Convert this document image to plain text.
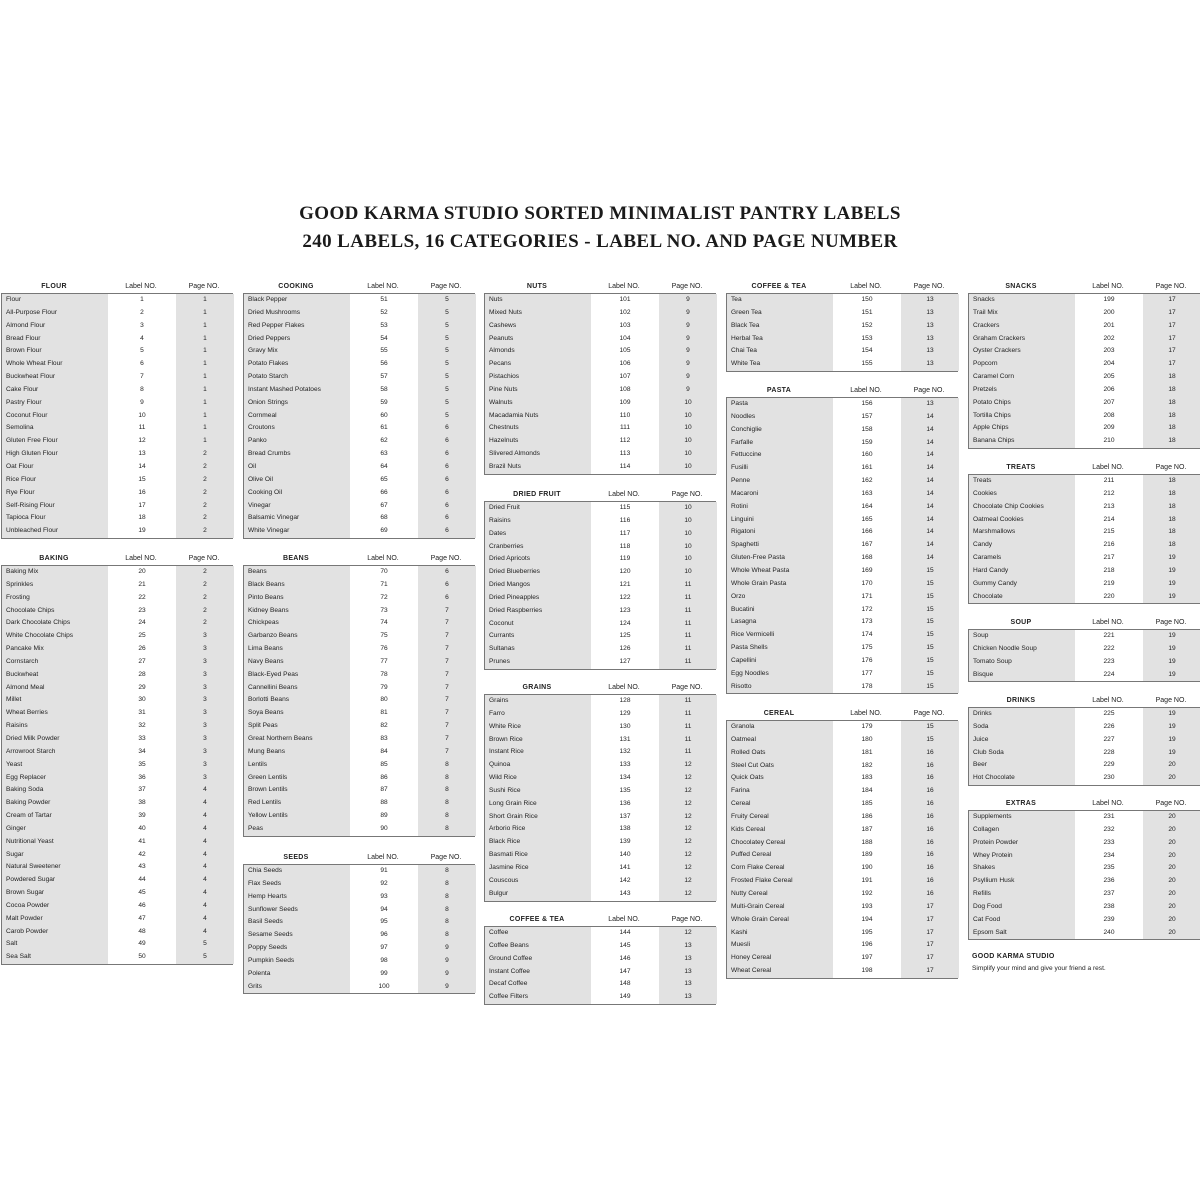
GOOD KARMA STUDIO SORTED MINIMALIST PANTRY LABELS
240 LABELS, 16 CATEGORIES - LABEL NO. AND PAGE NUMBER
FLOUR	Label NO.	Page NO.
Flour	1	1
All-Purpose Flour	2	1
Almond Flour	3	1
Bread Flour	4	1
Brown Flour	5	1
Whole Wheat Flour	6	1
Buckwheat Flour	7	1
Cake Flour	8	1
Pastry Flour	9	1
Coconut Flour	10	1
Semolina	11	1
Gluten Free Flour	12	1
High Gluten Flour	13	2
Oat Flour	14	2
Rice Flour	15	2
Rye Flour	16	2
Self-Rising Flour	17	2
Tapioca Flour	18	2
Unbleached Flour	19	2
BAKING	Label NO.	Page NO.
Baking Mix	20	2
Sprinkles	21	2
Frosting	22	2
Chocolate Chips	23	2
Dark Chocolate Chips	24	2
White Chocolate Chips	25	3
Pancake Mix	26	3
Cornstarch	27	3
Buckwheat	28	3
Almond Meal	29	3
Millet	30	3
Wheat Berries	31	3
Raisins	32	3
Dried Milk Powder	33	3
Arrowroot Starch	34	3
Yeast	35	3
Egg Replacer	36	3
Baking Soda	37	4
Baking Powder	38	4
Cream of Tartar	39	4
Ginger	40	4
Nutritional Yeast	41	4
Sugar	42	4
Natural Sweetener	43	4
Powdered Sugar	44	4
Brown Sugar	45	4
Cocoa Powder	46	4
Malt Powder	47	4
Carob Powder	48	4
Salt	49	5
Sea Salt	50	5
COOKING	Label NO.	Page NO.
Black Pepper	51	5
Dried Mushrooms	52	5
Red Pepper Flakes	53	5
Dried Peppers	54	5
Gravy Mix	55	5
Potato Flakes	56	5
Potato Starch	57	5
Instant Mashed Potatoes	58	5
Onion Strings	59	5
Cornmeal	60	5
Croutons	61	6
Panko	62	6
Bread Crumbs	63	6
Oil	64	6
Olive Oil	65	6
Cooking Oil	66	6
Vinegar	67	6
Balsamic Vinegar	68	6
White Vinegar	69	6
BEANS	Label NO.	Page NO.
Beans	70	6
Black Beans	71	6
Pinto Beans	72	6
Kidney Beans	73	7
Chickpeas	74	7
Garbanzo Beans	75	7
Lima Beans	76	7
Navy Beans	77	7
Black-Eyed Peas	78	7
Cannellini Beans	79	7
Borlotti Beans	80	7
Soya Beans	81	7
Split Peas	82	7
Great Northern Beans	83	7
Mung Beans	84	7
Lentils	85	8
Green Lentils	86	8
Brown Lentils	87	8
Red Lentils	88	8
Yellow Lentils	89	8
Peas	90	8
SEEDS	Label NO.	Page NO.
Chia Seeds	91	8
Flax Seeds	92	8
Hemp Hearts	93	8
Sunflower Seeds	94	8
Basil Seeds	95	8
Sesame Seeds	96	8
Poppy Seeds	97	9
Pumpkin Seeds	98	9
Polenta	99	9
Grits	100	9
NUTS	Label NO.	Page NO.
Nuts	101	9
Mixed Nuts	102	9
Cashews	103	9
Peanuts	104	9
Almonds	105	9
Pecans	106	9
Pistachios	107	9
Pine Nuts	108	9
Walnuts	109	10
Macadamia Nuts	110	10
Chestnuts	111	10
Hazelnuts	112	10
Slivered Almonds	113	10
Brazil Nuts	114	10
DRIED FRUIT	Label NO.	Page NO.
Dried Fruit	115	10
Raisins	116	10
Dates	117	10
Cranberries	118	10
Dried Apricots	119	10
Dried Blueberries	120	10
Dried Mangos	121	11
Dried Pineapples	122	11
Dried Raspberries	123	11
Coconut	124	11
Currants	125	11
Sultanas	126	11
Prunes	127	11
GRAINS	Label NO.	Page NO.
Grains	128	11
Farro	129	11
White Rice	130	11
Brown Rice	131	11
Instant Rice	132	11
Quinoa	133	12
Wild Rice	134	12
Sushi Rice	135	12
Long Grain Rice	136	12
Short Grain Rice	137	12
Arborio Rice	138	12
Black Rice	139	12
Basmati Rice	140	12
Jasmine Rice	141	12
Couscous	142	12
Bulgur	143	12
COFFEE & TEA	Label NO.	Page NO.
Coffee	144	12
Coffee Beans	145	13
Ground Coffee	146	13
Instant Coffee	147	13
Decaf Coffee	148	13
Coffee Filters	149	13
COFFEE & TEA	Label NO.	Page NO.
Tea	150	13
Green Tea	151	13
Black Tea	152	13
Herbal Tea	153	13
Chai Tea	154	13
White Tea	155	13
PASTA	Label NO.	Page NO.
Pasta	156	13
Noodles	157	14
Conchiglie	158	14
Farfalle	159	14
Fettuccine	160	14
Fusilli	161	14
Penne	162	14
Macaroni	163	14
Rotini	164	14
Linguini	165	14
Rigatoni	166	14
Spaghetti	167	14
Gluten-Free Pasta	168	14
Whole Wheat Pasta	169	15
Whole Grain Pasta	170	15
Orzo	171	15
Bucatini	172	15
Lasagna	173	15
Rice Vermicelli	174	15
Pasta Shells	175	15
Capellini	176	15
Egg Noodles	177	15
Risotto	178	15
CEREAL	Label NO.	Page NO.
Granola	179	15
Oatmeal	180	15
Rolled Oats	181	16
Steel Cut Oats	182	16
Quick Oats	183	16
Farina	184	16
Cereal	185	16
Fruity Cereal	186	16
Kids Cereal	187	16
Chocolatey Cereal	188	16
Puffed Cereal	189	16
Corn Flake Cereal	190	16
Frosted Flake Cereal	191	16
Nutty Cereal	192	16
Multi-Grain Cereal	193	17
Whole Grain Cereal	194	17
Kashi	195	17
Muesli	196	17
Honey Cereal	197	17
Wheat Cereal	198	17
SNACKS	Label NO.	Page NO.
Snacks	199	17
Trail Mix	200	17
Crackers	201	17
Graham Crackers	202	17
Oyster Crackers	203	17
Popcorn	204	17
Caramel Corn	205	18
Pretzels	206	18
Potato Chips	207	18
Tortilla Chips	208	18
Apple Chips	209	18
Banana Chips	210	18
TREATS	Label NO.	Page NO.
Treats	211	18
Cookies	212	18
Chocolate Chip Cookies	213	18
Oatmeal Cookies	214	18
Marshmallows	215	18
Candy	216	18
Caramels	217	19
Hard Candy	218	19
Gummy Candy	219	19
Chocolate	220	19
SOUP	Label NO.	Page NO.
Soup	221	19
Chicken Noodle Soup	222	19
Tomato Soup	223	19
Bisque	224	19
DRINKS	Label NO.	Page NO.
Drinks	225	19
Soda	226	19
Juice	227	19
Club Soda	228	19
Beer	229	20
Hot Chocolate	230	20
EXTRAS	Label NO.	Page NO.
Supplements	231	20
Collagen	232	20
Protein Powder	233	20
Whey Protein	234	20
Shakes	235	20
Psyllium Husk	236	20
Refills	237	20
Dog Food	238	20
Cat Food	239	20
Epsom Salt	240	20
GOOD KARMA STUDIO
Simplify your mind and give your friend a rest.
